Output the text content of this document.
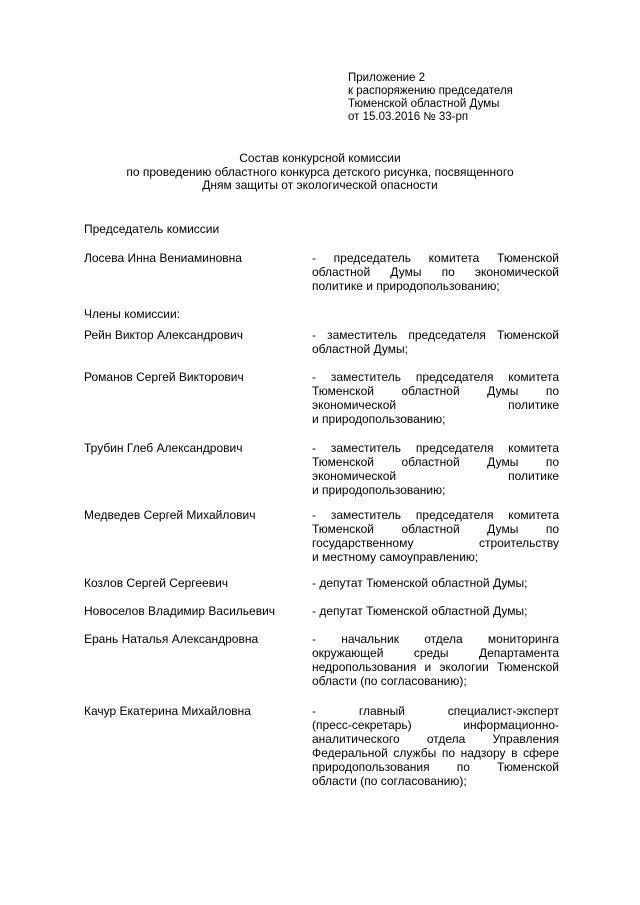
Приложение 2
к распоряжению председателя
Тюменской областной Думы
от 15.03.2016 № 33-рп
Состав конкурсной комиссии
по проведению областного конкурса детского рисунка, посвященного
Дням защиты от экологической опасности
Председатель комиссии
Лосева Инна Вениаминовна	- председатель комитета Тюменской
областной Думы по экономической
политике и природопользованию;
Члены комиссии:
Рейн Виктор Александрович	- заместитель председателя Тюменской
областной Думы;
Романов Сергей Викторович	- заместитель председателя комитета
Тюменской областной Думы по
экономической политике
и природопользованию;
Трубин Глеб Александрович	- заместитель председателя комитета
Тюменской областной Думы по
экономической политике
и природопользованию;
Медведев Сергей Михайлович	- заместитель председателя комитета
Тюменской областной Думы по
государственному строительству
и местному самоуправлению;
Козлов Сергей Сергеевич	- депутат Тюменской областной Думы;
Новоселов Владимир Васильевич	- депутат Тюменской областной Думы;
Ерань Наталья Александровна	- начальник отдела мониторинга
окружающей среды Департамента
недропользования и экологии Тюменской
области (по согласованию);
Качур Екатерина Михайловна	- главный специалист-эксперт
(пресс-секретарь) информационно-
аналитического отдела Управления
Федеральной службы по надзору в сфере
природопользования по Тюменской
области (по согласованию);
